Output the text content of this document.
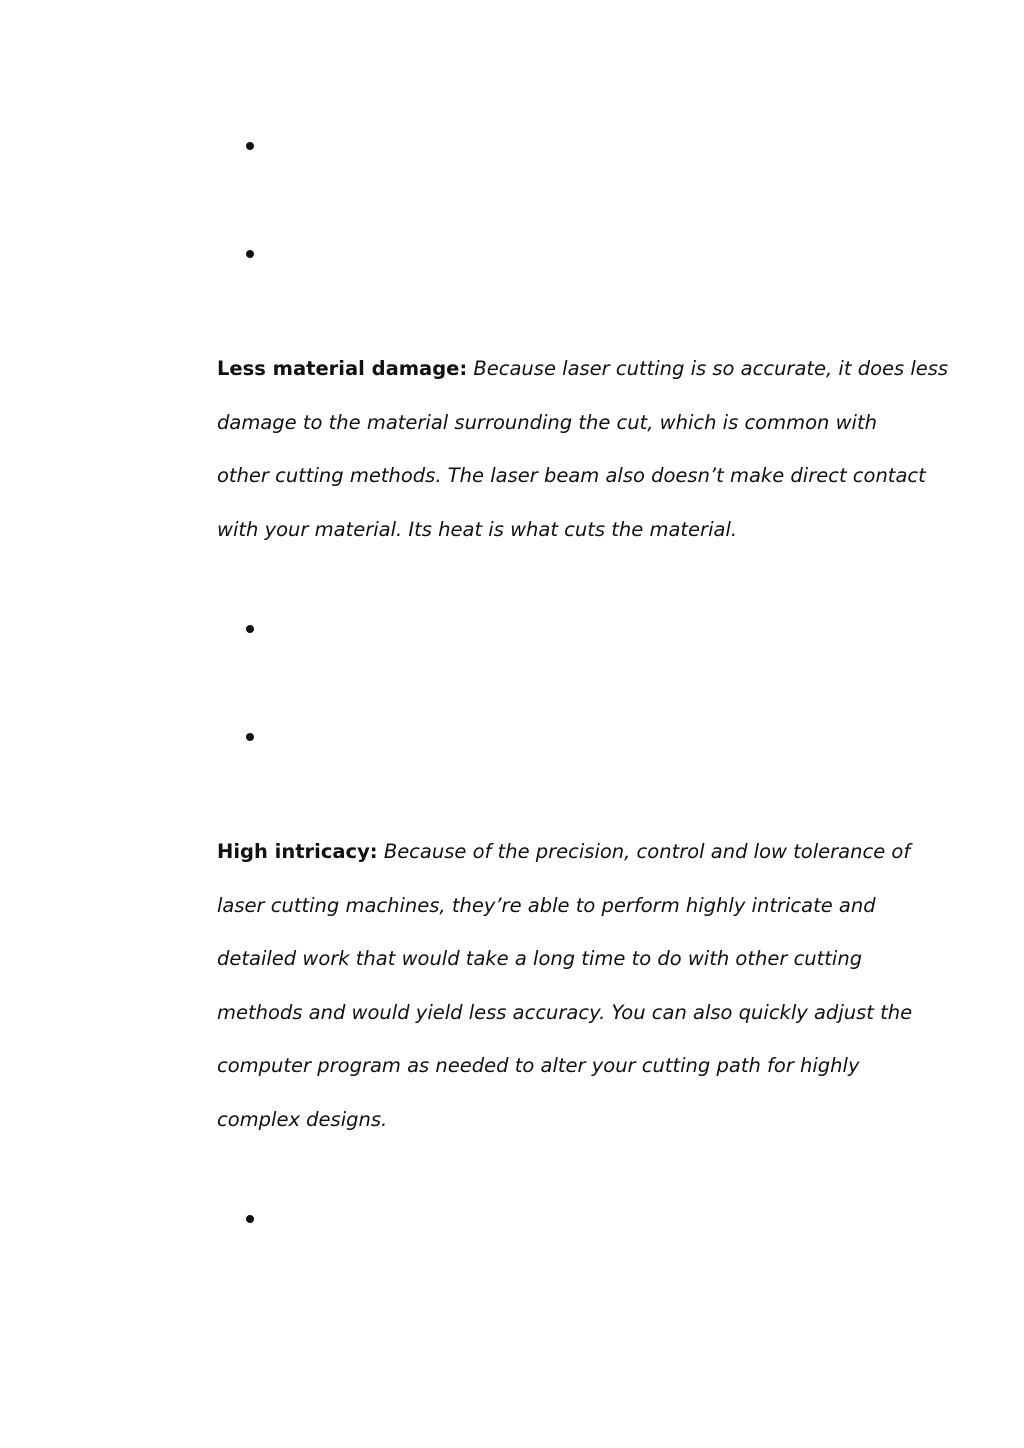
Less material damage: Because laser cutting is so accurate, it does less
damage to the material surrounding the cut, which is common with
other cutting methods. The laser beam also doesn’t make direct contact
with your material. Its heat is what cuts the material.

High intricacy: Because of the precision, control and low tolerance of
laser cutting machines, they’re able to perform highly intricate and
detailed work that would take a long time to do with other cutting
methods and would yield less accuracy. You can also quickly adjust the
computer program as needed to alter your cutting path for highly
complex designs.
